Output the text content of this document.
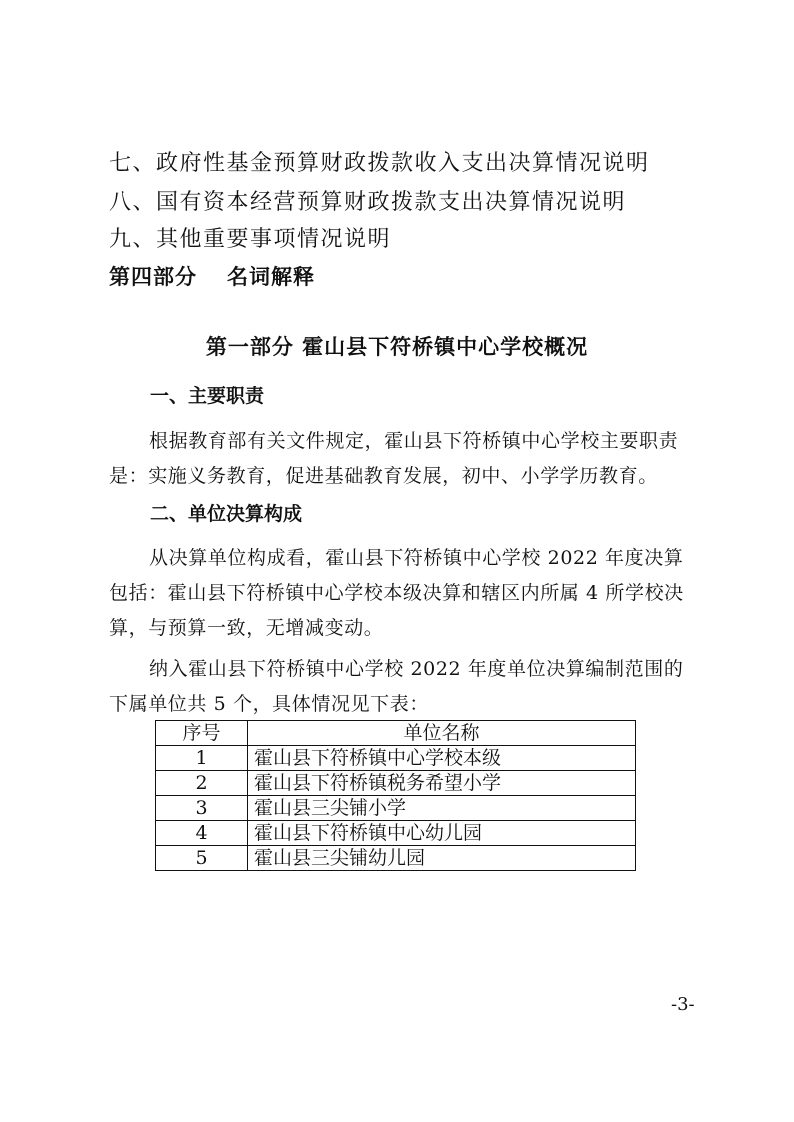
七、政府性基金预算财政拨款收入支出决算情况说明
八、国有资本经营预算财政拨款支出决算情况说明
九、其他重要事项情况说明
第四部分 名词解释
第一部分 霍山县下符桥镇中心学校概况
一、主要职责

根据教育部有关文件规定，霍山县下符桥镇中心学校主要职责是：实施义务教育，促进基础教育发展，初中、小学学历教育。

二、单位决算构成

从决算单位构成看，霍山县下符桥镇中心学校 2022 年度决算包括：霍山县下符桥镇中心学校本级决算和辖区内所属 4 所学校决算，与预算一致，无增减变动。

纳入霍山县下符桥镇中心学校 2022 年度单位决算编制范围的下属单位共 5 个，具体情况见下表：

序号	单位名称
1	霍山县下符桥镇中心学校本级
2	霍山县下符桥镇税务希望小学
3	霍山县三尖铺小学
4	霍山县下符桥镇中心幼儿园
5	霍山县三尖铺幼儿园
-3-
